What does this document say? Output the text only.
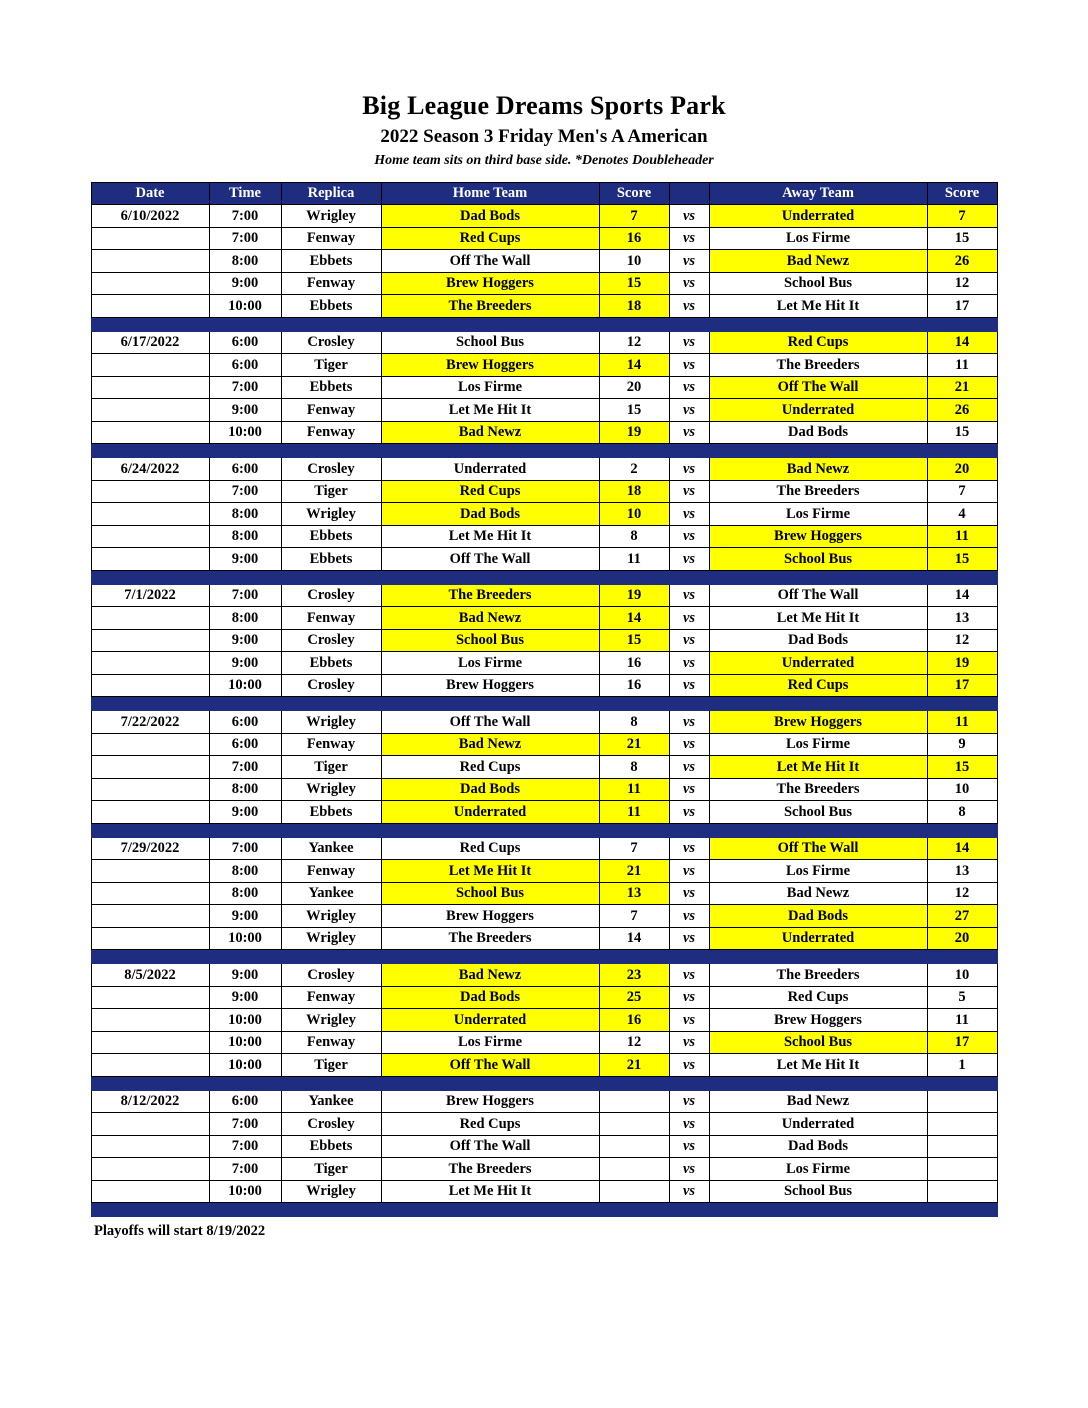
Big League Dreams Sports Park
2022 Season 3 Friday Men's A American
Home team sits on third base side. *Denotes Doubleheader
Date	Time	Replica	Home Team	Score		Away Team	Score
6/10/2022	7:00	Wrigley	Dad Bods	7	vs	Underrated	7
	7:00	Fenway	Red Cups	16	vs	Los Firme	15
	8:00	Ebbets	Off The Wall	10	vs	Bad Newz	26
	9:00	Fenway	Brew Hoggers	15	vs	School Bus	12
	10:00	Ebbets	The Breeders	18	vs	Let Me Hit It	17

6/17/2022	6:00	Crosley	School Bus	12	vs	Red Cups	14
	6:00	Tiger	Brew Hoggers	14	vs	The Breeders	11
	7:00	Ebbets	Los Firme	20	vs	Off The Wall	21
	9:00	Fenway	Let Me Hit It	15	vs	Underrated	26
	10:00	Fenway	Bad Newz	19	vs	Dad Bods	15

6/24/2022	6:00	Crosley	Underrated	2	vs	Bad Newz	20
	7:00	Tiger	Red Cups	18	vs	The Breeders	7
	8:00	Wrigley	Dad Bods	10	vs	Los Firme	4
	8:00	Ebbets	Let Me Hit It	8	vs	Brew Hoggers	11
	9:00	Ebbets	Off The Wall	11	vs	School Bus	15

7/1/2022	7:00	Crosley	The Breeders	19	vs	Off The Wall	14
	8:00	Fenway	Bad Newz	14	vs	Let Me Hit It	13
	9:00	Crosley	School Bus	15	vs	Dad Bods	12
	9:00	Ebbets	Los Firme	16	vs	Underrated	19
	10:00	Crosley	Brew Hoggers	16	vs	Red Cups	17

7/22/2022	6:00	Wrigley	Off The Wall	8	vs	Brew Hoggers	11
	6:00	Fenway	Bad Newz	21	vs	Los Firme	9
	7:00	Tiger	Red Cups	8	vs	Let Me Hit It	15
	8:00	Wrigley	Dad Bods	11	vs	The Breeders	10
	9:00	Ebbets	Underrated	11	vs	School Bus	8

7/29/2022	7:00	Yankee	Red Cups	7	vs	Off The Wall	14
	8:00	Fenway	Let Me Hit It	21	vs	Los Firme	13
	8:00	Yankee	School Bus	13	vs	Bad Newz	12
	9:00	Wrigley	Brew Hoggers	7	vs	Dad Bods	27
	10:00	Wrigley	The Breeders	14	vs	Underrated	20

8/5/2022	9:00	Crosley	Bad Newz	23	vs	The Breeders	10
	9:00	Fenway	Dad Bods	25	vs	Red Cups	5
	10:00	Wrigley	Underrated	16	vs	Brew Hoggers	11
	10:00	Fenway	Los Firme	12	vs	School Bus	17
	10:00	Tiger	Off The Wall	21	vs	Let Me Hit It	1

8/12/2022	6:00	Yankee	Brew Hoggers		vs	Bad Newz	
	7:00	Crosley	Red Cups		vs	Underrated	
	7:00	Ebbets	Off The Wall		vs	Dad Bods	
	7:00	Tiger	The Breeders		vs	Los Firme	
	10:00	Wrigley	Let Me Hit It		vs	School Bus	

Playoffs will start 8/19/2022
